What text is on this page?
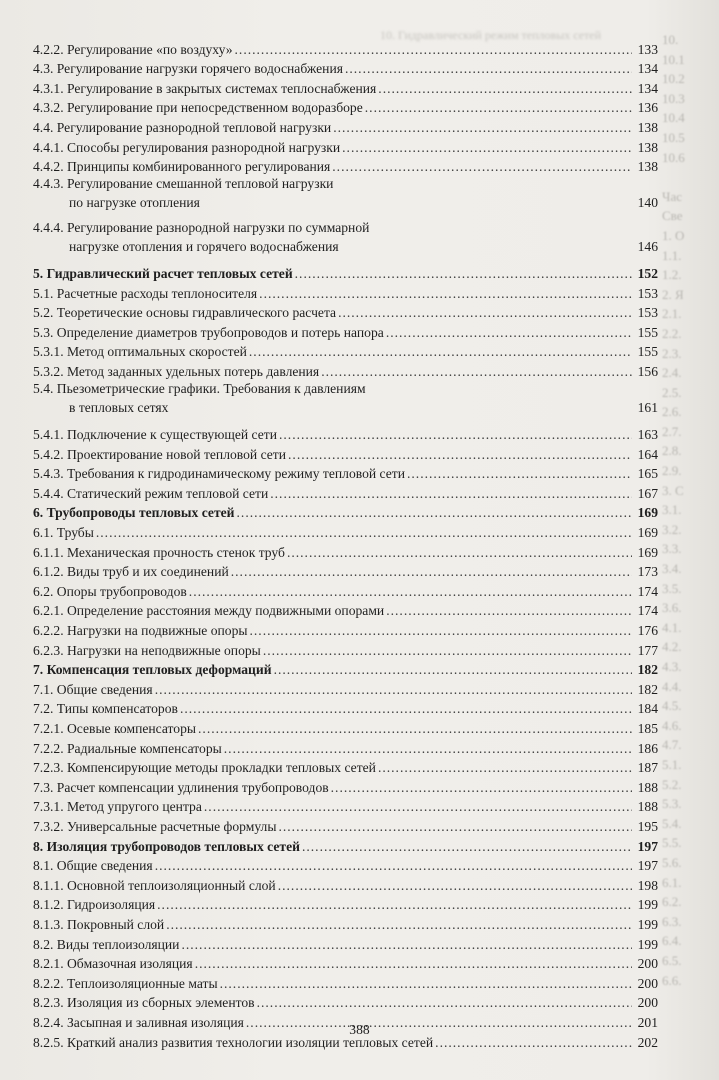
10. Гидравлический режим тепловых сетей	10.
10.1
10.2
10.3
10.4
10.5
10.6

Час
Све
1. О
1.1.
1.2.
2. Я
2.1.
2.2.
2.3.
2.4.
2.5.
2.6.
2.7.
2.8.
2.9.
3. С
3.1.
3.2.
3.3.
3.4.
3.5.
3.6.
4.1.
4.2.
4.3.
4.4.
4.5.
4.6.
4.7.
5.1.
5.2.
5.3.
5.4.
5.5.
5.6.
6.1.
6.2.
6.3.
6.4.
6.5.
6.6.
4.2.2. Регулирование «по воздуху» .....	133
4.3. Регулирование нагрузки горячего водоснабжения .....	134
4.3.1. Регулирование в закрытых системах теплоснабжения .....	134
4.3.2. Регулирование при непосредственном водоразборе .....	136
4.4. Регулирование разнородной тепловой нагрузки .....	138
4.4.1. Способы регулирования разнородной нагрузки .....	138
4.4.2. Принципы комбинированного регулирования .....	138
4.4.3. Регулирование смешанной тепловой нагрузки
по нагрузке отопления	140
4.4.4. Регулирование разнородной нагрузки по суммарной
нагрузке отопления и горячего водоснабжения	146
5. Гидравлический расчет тепловых сетей .....	152
5.1. Расчетные расходы теплоносителя .....	153
5.2. Теоретические основы гидравлического расчета .....	153
5.3. Определение диаметров трубопроводов и потерь напора .....	155
5.3.1. Метод оптимальных скоростей .....	155
5.3.2. Метод заданных удельных потерь давления .....	156
5.4. Пьезометрические графики. Требования к давлениям
в тепловых сетях	161
5.4.1. Подключение к существующей сети .....	163
5.4.2. Проектирование новой тепловой сети .....	164
5.4.3. Требования к гидродинамическому режиму тепловой сети .....	165
5.4.4. Статический режим тепловой сети .....	167
6. Трубопроводы тепловых сетей .....	169
6.1. Трубы .....	169
6.1.1. Механическая прочность стенок труб .....	169
6.1.2. Виды труб и их соединений .....	173
6.2. Опоры трубопроводов .....	174
6.2.1. Определение расстояния между подвижными опорами .....	174
6.2.2. Нагрузки на подвижные опоры .....	176
6.2.3. Нагрузки на неподвижные опоры .....	177
7. Компенсация тепловых деформаций .....	182
7.1. Общие сведения .....	182
7.2. Типы компенсаторов .....	184
7.2.1. Осевые компенсаторы .....	185
7.2.2. Радиальные компенсаторы .....	186
7.2.3. Компенсирующие методы прокладки тепловых сетей .....	187
7.3. Расчет компенсации удлинения трубопроводов .....	188
7.3.1. Метод упругого центра .....	188
7.3.2. Универсальные расчетные формулы .....	195
8. Изоляция трубопроводов тепловых сетей .....	197
8.1. Общие сведения .....	197
8.1.1. Основной теплоизоляционный слой .....	198
8.1.2. Гидроизоляция .....	199
8.1.3. Покровный слой .....	199
8.2. Виды теплоизоляции .....	199
8.2.1. Обмазочная изоляция .....	200
8.2.2. Теплоизоляционные маты .....	200
8.2.3. Изоляция из сборных элементов .....	200
8.2.4. Засыпная и заливная изоляция .....	201
8.2.5. Краткий анализ развития технологии изоляции тепловых сетей .....	202
388
